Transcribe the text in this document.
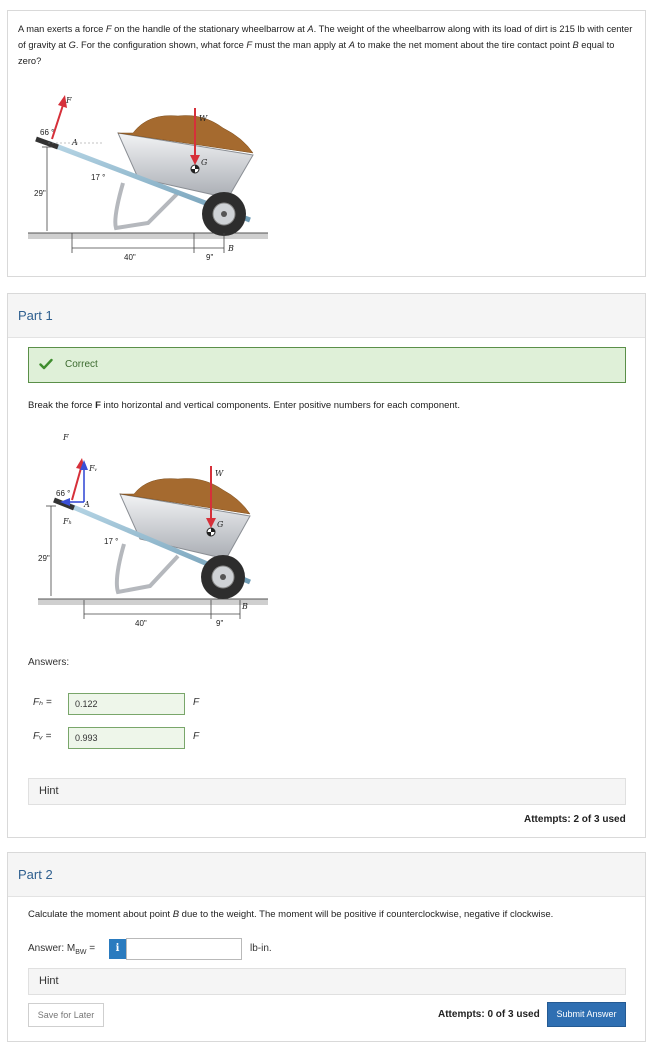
A man exerts a force F on the handle of the stationary wheelbarrow at A. The weight of the wheelbarrow along with its load of dirt is 215 lb with center of gravity at G. For the configuration shown, what force F must the man apply at A to make the net moment about the tire contact point B equal to zero?
F
A
W
G
B
66 °
17 °
29"
40"	9"
Part 1
Correct
Break the force F into horizontal and vertical components. Enter positive numbers for each component.
F
Fᵥ
Fₕ
A
W
G
B
66 °
17 °
29"
40"	9"
Answers:
Fₕ =	0.122	F
Fᵥ =	0.993	F
Hint
Attempts: 2 of 3 used
Part 2
Calculate the moment about point B due to the weight. The moment will be positive if counterclockwise, negative if clockwise.
Answer: $M_{BW}$ =	i	lb-in.
Hint
Save for Later	Attempts: 0 of 3 used	Submit Answer
